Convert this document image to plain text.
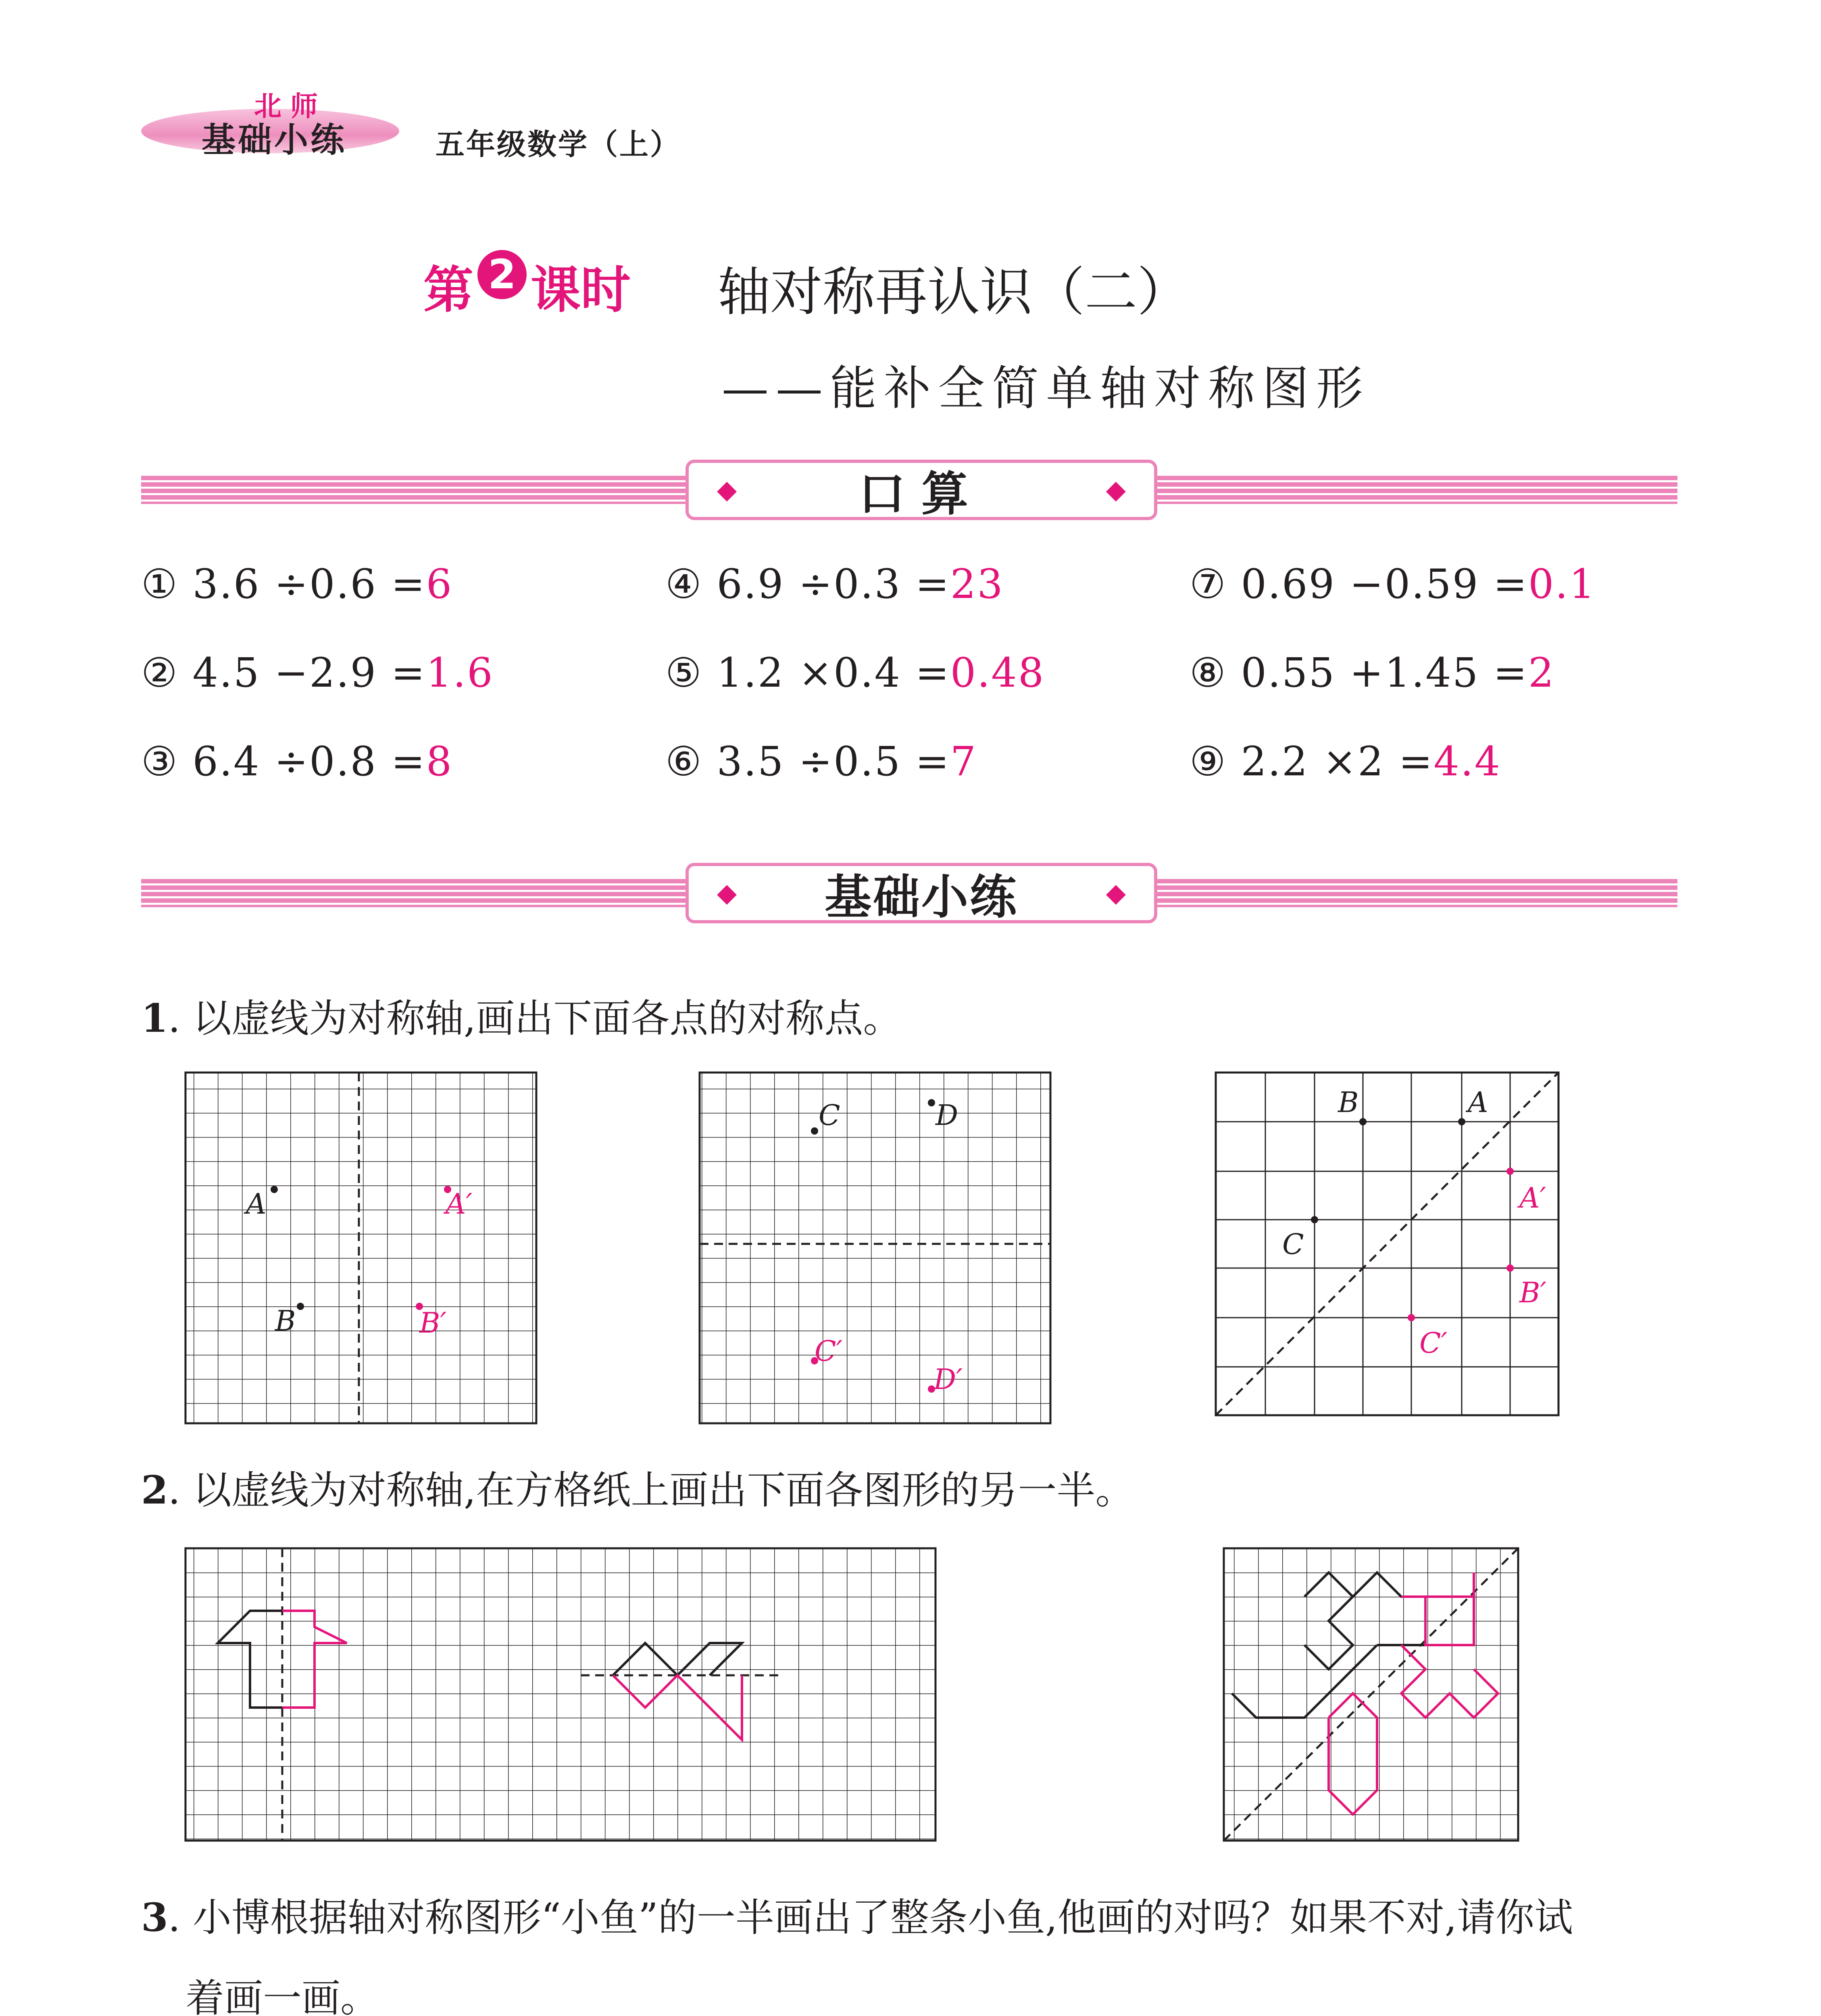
北师
基础小练	五年级数学（上）
第 2 课时 轴对称再认识（二）
——能补全简单轴对称图形
◆	口算	◆
① 3.6 ÷0.6 =6	④ 6.9 ÷0.3 =23	⑦ 0.69 −0.59 =0.1
② 4.5 −2.9 =1.6	⑤ 1.2 ×0.4 =0.48	⑧ 0.55 +1.45 =2
③ 6.4 ÷0.8 =8	⑥ 3.5 ÷0.5 =7	⑨ 2.2 ×2 =4.4
◆ 基础小练	◆
1. 以虚线为对称轴,画出下面各点的对称点。
A	A′
B	B′
C	D
C′
D′
B	A
C
A′
B′
C′
2. 以虚线为对称轴,在方格纸上画出下面各图形的另一半。
3. 小博根据轴对称图形“小鱼”的一半画出了整条小鱼,他画的对吗？如果不对,请你试
着画一画。
